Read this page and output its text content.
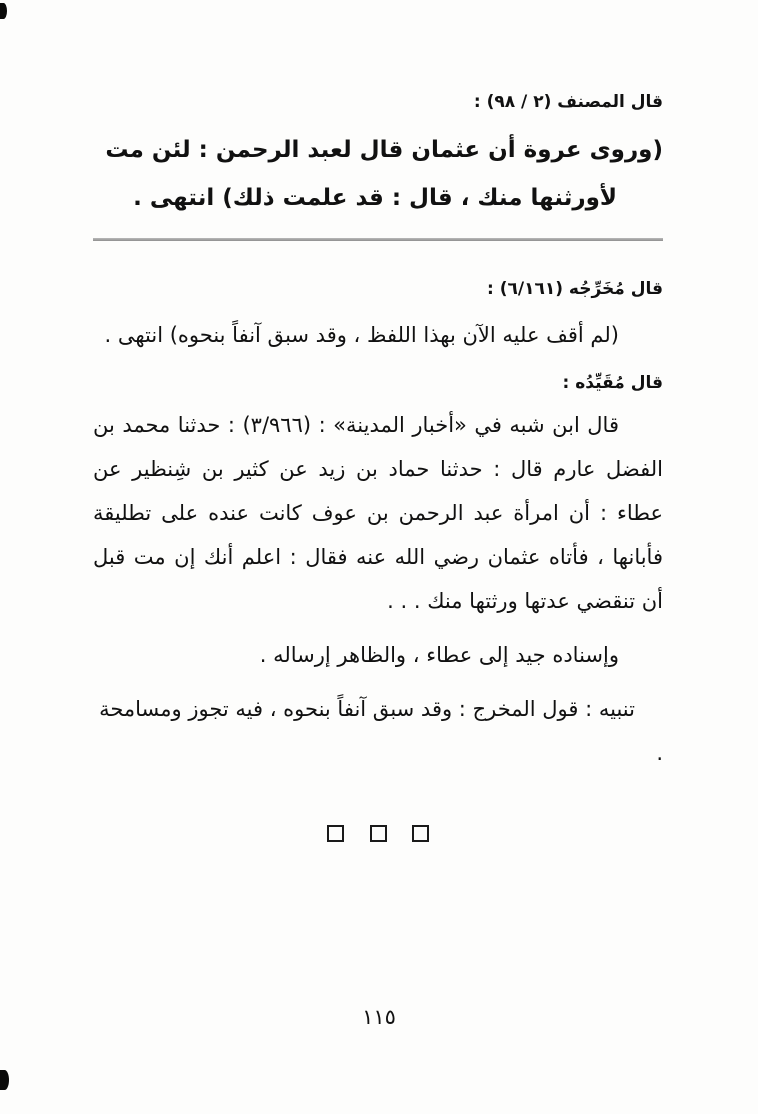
قال المصنف (٢ / ٩٨) :

(وروى عروة أن عثمان قال لعبد الرحمن : لئن مت لأورثنها منك ، قال : قد علمت ذلك) انتهى .

قال مُخَرِّجُه (٦/١٦١) :

(لم أقف عليه الآن بهذا اللفظ ، وقد سبق آنفاً بنحوه) انتهى .

قال مُقَيِّدُه :

قال ابن شبه في «أخبار المدينة» : (٣/٩٦٦) : حدثنا محمد بن الفضل عارم قال : حدثنا حماد بن زيد عن كثير بن شِنظير عن عطاء : أن امرأة عبد الرحمن بن عوف كانت عنده على تطليقة فأبانها ، فأتاه عثمان رضي الله عنه فقال : اعلم أنك إن مت قبل أن تنقضي عدتها ورثتها منك . . .

وإسناده جيد إلى عطاء ، والظاهر إرساله .

تنبيه : قول المخرج : وقد سبق آنفاً بنحوه ، فيه تجوز ومسامحة .

١١٥
